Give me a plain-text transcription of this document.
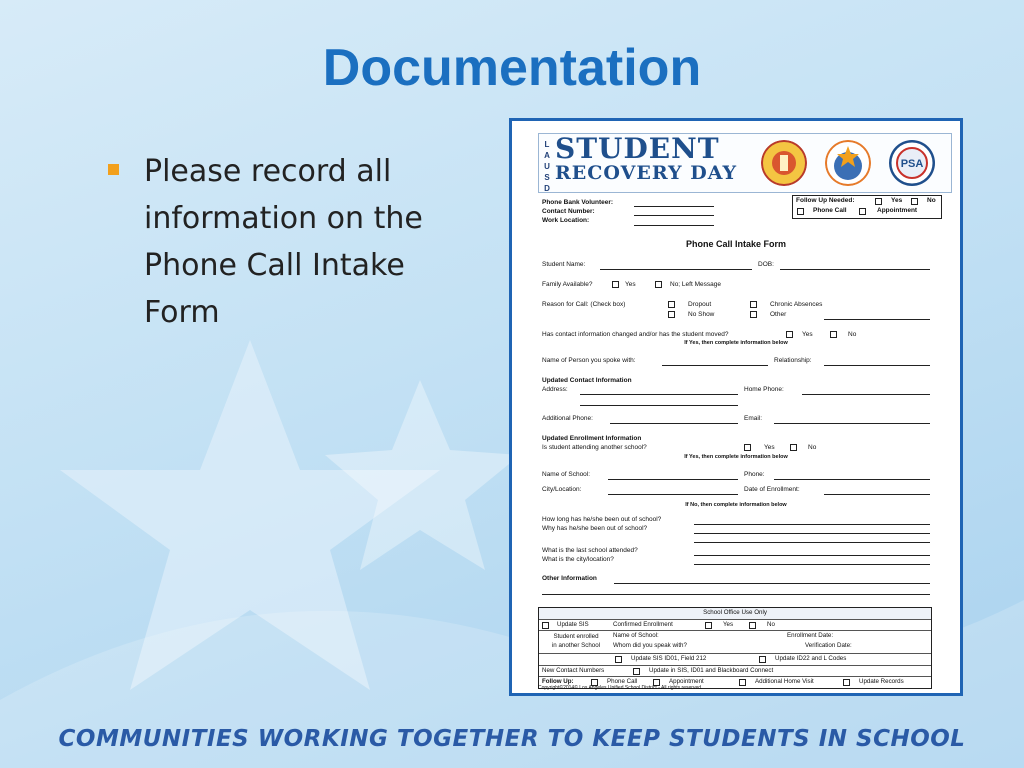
Documentation
Please record all information on the Phone Call Intake Form
L A U S D
STUDENT
RECOVERY DAY	PSA
Phone Bank Volunteer:
Contact Number:
Work Location:
Follow Up Needed:	Yes	No
Phone Call	Appointment
Phone Call Intake Form
Student Name:	DOB:
Family Available?	Yes	No; Left Message
Reason for Call: (Check box)	Dropout	Chronic Absences
No Show	Other
Has contact information changed and/or has the student moved?	Yes	No
If Yes, then complete information below
Name of Person you spoke with:	Relationship:
Updated Contact Information
Address:	Home Phone:
Additional Phone:	Email:
Updated Enrollment Information
Is student attending another school?	Yes	No
If Yes, then complete information below
Name of School:	Phone:
City/Location:	Date of Enrollment:
If No, then complete information below
How long has he/she been out of school?
Why has he/she been out of school?
What is the last school attended?
What is the city/location?
Other Information
School Office Use Only
Update SIS	Confirmed Enrollment	Yes	No
Student enrolled
in another School
Name of School:	Enrollment Date:
Whom did you speak with?	Verification Date:
Update SIS ID01, Field 212	Update ID22 and L Codes
New Contact Numbers	Update in SIS, ID01 and Blackboard Connect
Follow Up:	Phone Call	Appointment	Additional Home Visit	Update Records
Copyright©2014© Los Angeles Unified School District - All rights reserved.
COMMUNITIES WORKING TOGETHER TO KEEP STUDENTS IN SCHOOL
